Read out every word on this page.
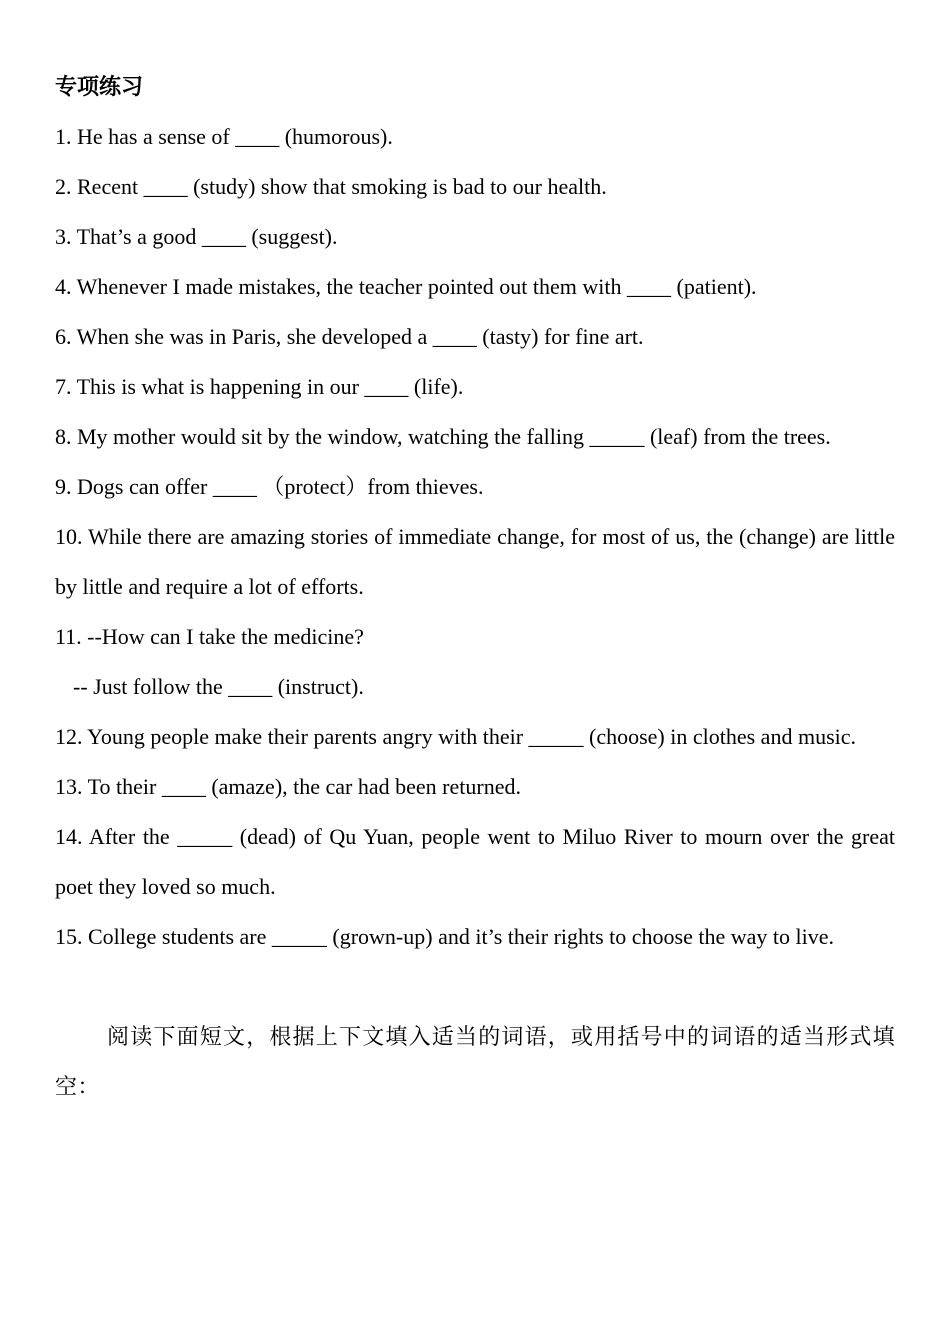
专项练习
1. He has a sense of ____ (humorous).
2. Recent ____ (study) show that smoking is bad to our health.
3. That’s a good ____ (suggest).
4. Whenever I made mistakes, the teacher pointed out them with ____ (patient).
6. When she was in Paris, she developed a ____ (tasty) for fine art.
7. This is what is happening in our ____ (life).
8. My mother would sit by the window, watching the falling _____ (leaf) from the trees.
9. Dogs can offer ____ （protect）from thieves.
10. While there are amazing stories of immediate change, for most of us, the (change) are little by little and require a lot of efforts.
11. --How can I take the medicine?
-- Just follow the ____ (instruct).
12. Young people make their parents angry with their _____ (choose) in clothes and music.
13. To their ____ (amaze), the car had been returned.
14. After the _____ (dead) of Qu Yuan, people went to Miluo River to mourn over the great poet they loved so much.
15. College students are _____ (grown-up) and it’s their rights to choose the way to live.
阅读下面短文，根据上下文填入适当的词语，或用括号中的词语的适当形式填空：
